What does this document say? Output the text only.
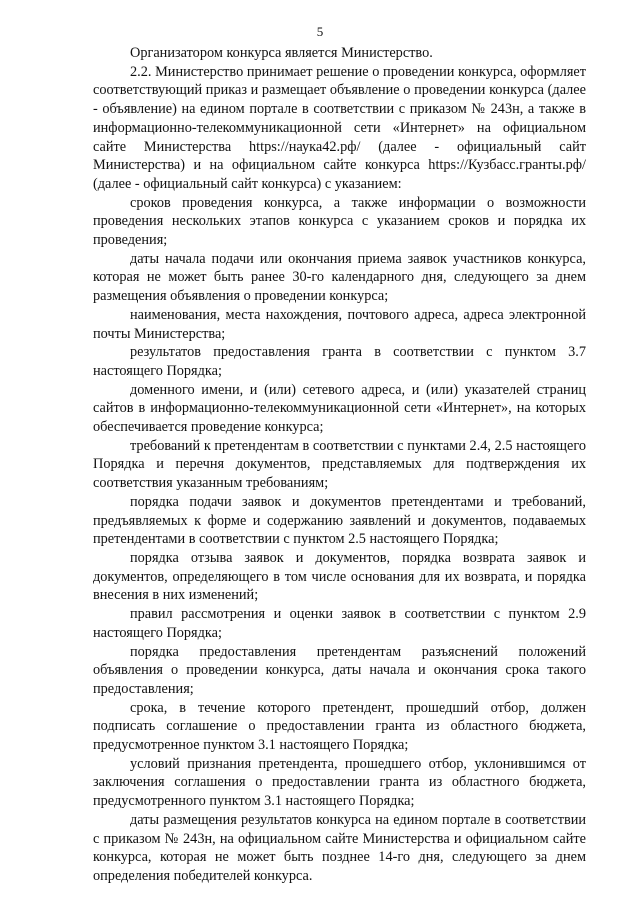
5

Организатором конкурса является Министерство.

2.2. Министерство принимает решение о проведении конкурса, оформляет соответствующий приказ и размещает объявление о проведении конкурса (далее - объявление) на едином портале в соответствии с приказом № 243н, а также в информационно-телекоммуникационной сети «Интернет» на официальном сайте Министерства https://наука42.рф/ (далее - официальный сайт Министерства) и на официальном сайте конкурса https://Кузбасс.гранты.рф/ (далее - официальный сайт конкурса) с указанием:

сроков проведения конкурса, а также информации о возможности проведения нескольких этапов конкурса с указанием сроков и порядка их проведения;

даты начала подачи или окончания приема заявок участников конкурса, которая не может быть ранее 30-го календарного дня, следующего за днем размещения объявления о проведении конкурса;

наименования, места нахождения, почтового адреса, адреса электронной почты Министерства;

результатов предоставления гранта в соответствии с пунктом 3.7 настоящего Порядка;

доменного имени, и (или) сетевого адреса, и (или) указателей страниц сайтов в информационно-телекоммуникационной сети «Интернет», на которых обеспечивается проведение конкурса;

требований к претендентам в соответствии с пунктами 2.4, 2.5 настоящего Порядка и перечня документов, представляемых для подтверждения их соответствия указанным требованиям;

порядка подачи заявок и документов претендентами и требований, предъявляемых к форме и содержанию заявлений и документов, подаваемых претендентами в соответствии с пунктом 2.5 настоящего Порядка;

порядка отзыва заявок и документов, порядка возврата заявок и документов, определяющего в том числе основания для их возврата, и порядка внесения в них изменений;

правил рассмотрения и оценки заявок в соответствии с пунктом 2.9 настоящего Порядка;

порядка предоставления претендентам разъяснений положений объявления о проведении конкурса, даты начала и окончания срока такого предоставления;

срока, в течение которого претендент, прошедший отбор, должен подписать соглашение о предоставлении гранта из областного бюджета, предусмотренное пунктом 3.1 настоящего Порядка;

условий признания претендента, прошедшего отбор, уклонившимся от заключения соглашения о предоставлении гранта из областного бюджета, предусмотренного пунктом 3.1 настоящего Порядка;

даты размещения результатов конкурса на едином портале в соответствии с приказом № 243н, на официальном сайте Министерства и официальном сайте конкурса, которая не может быть позднее 14-го дня, следующего за днем определения победителей конкурса.
